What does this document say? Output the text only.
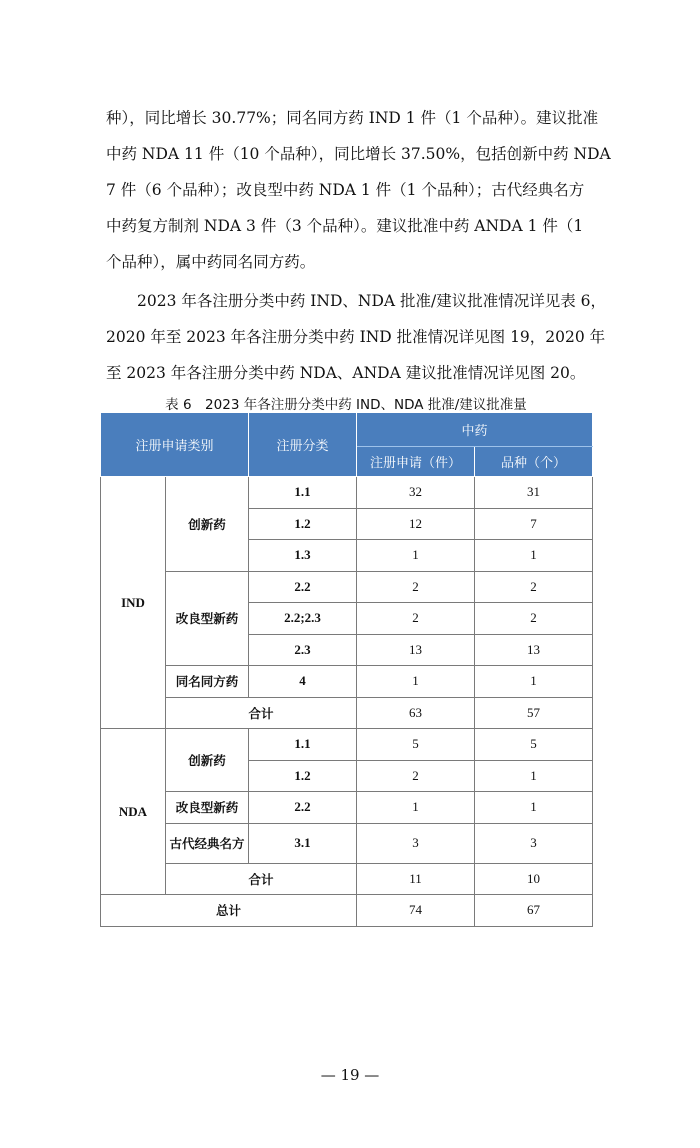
种），同比增长 30.77%；同名同方药 IND 1 件（1 个品种）。建议批准
中药 NDA 11 件（10 个品种），同比增长 37.50%，包括创新中药 NDA
7 件（6 个品种）；改良型中药 NDA 1 件（1 个品种）；古代经典名方
中药复方制剂 NDA 3 件（3 个品种）。建议批准中药 ANDA 1 件（1
个品种），属中药同名同方药。
2023 年各注册分类中药 IND、NDA 批准/建议批准情况详见表 6，
2020 年至 2023 年各注册分类中药 IND 批准情况详见图 19，2020 年
至 2023 年各注册分类中药 NDA、ANDA 建议批准情况详见图 20。
表 6　2023 年各注册分类中药 IND、NDA 批准/建议批准量
注册申请类别		注册分类	中药	
			注册申请（件）	品种（个）
IND	创新药	1.1	32	31
		1.2	12	7
		1.3	1	1
	改良型新药	2.2	2	2
		2.2;2.3	2	2
		2.3	13	13
	同名同方药	4	1	1
	合计		63	57
NDA	创新药	1.1	5	5
		1.2	2	1
	改良型新药	2.2	1	1
	古代经典名方	3.1	3	3
	合计		11	10
总计			74	67
— 19 —
